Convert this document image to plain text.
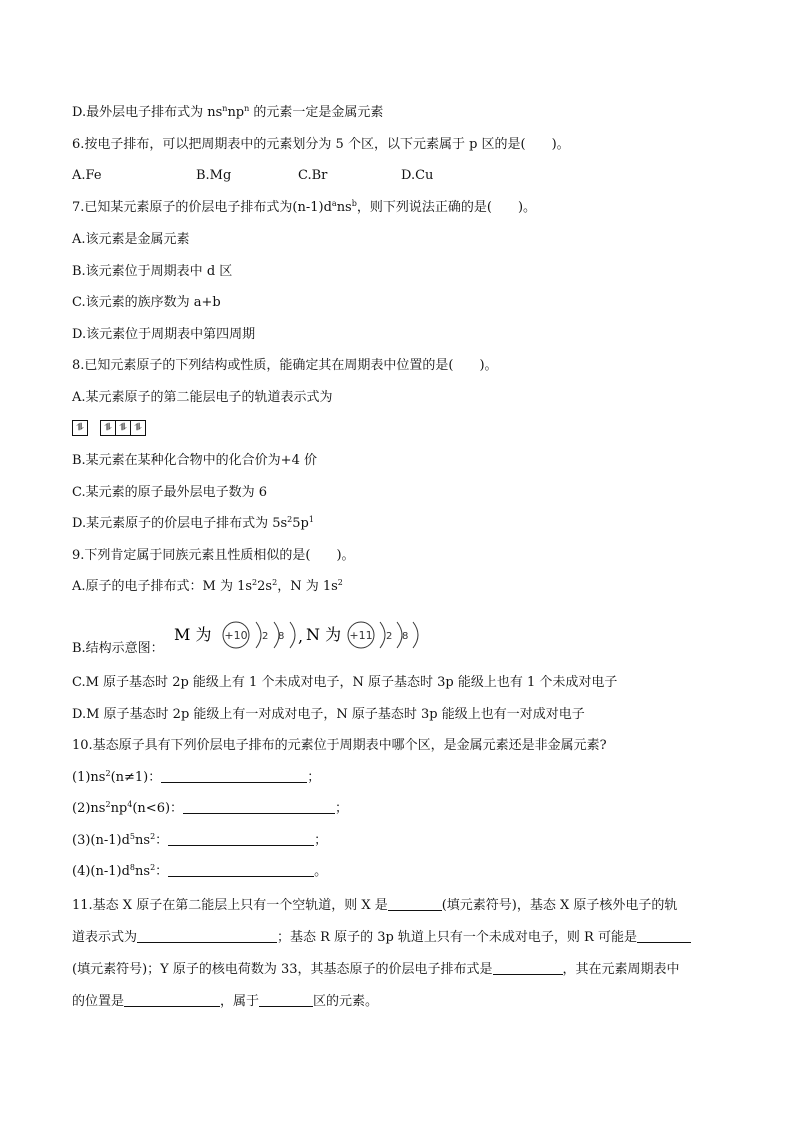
D.最外层电子排布式为 $ns^nnp^n$ 的元素一定是金属元素
6.按电子排布，可以把周期表中的元素划分为 5 个区，以下元素属于 p 区的是( )。
A.Fe	B.Mg	C.Br	D.Cu
7.已知某元素原子的价层电子排布式为$(n-1)d^ans^b$，则下列说法正确的是( )。
A.该元素是金属元素
B.该元素位于周期表中 d 区
C.该元素的族序数为 a+b
D.该元素位于周期表中第四周期
8.已知元素原子的下列结构或性质，能确定其在周期表中位置的是( )。
A.某元素原子的第二能层电子的轨道表示式为
⥮	⥮ ⥮ ⥮
B.某元素在某种化合物中的化合价为+4 价
C.某元素的原子最外层电子数为 6
D.某元素原子的价层电子排布式为 $5s^25p^1$
9.下列肯定属于同族元素且性质相似的是( )。
A.原子的电子排布式：M 为 $1s^22s^2$，N 为 $1s^2$
B.结构示意图：
M 为 +10 2 8 , N 为 +11 2 8
C.M 原子基态时 2p 能级上有 1 个未成对电子，N 原子基态时 3p 能级上也有 1 个未成对电子
D.M 原子基态时 2p 能级上有一对成对电子，N 原子基态时 3p 能级上也有一对成对电子
10.基态原子具有下列价层电子排布的元素位于周期表中哪个区，是金属元素还是非金属元素?
$(1)ns^2(n\ne 1)$：	；
$(2)ns^2np^4(n<6)$：	；
$(3)(n-1)d^5ns^2$：	；
$(4)(n-1)d^8ns^2$：	。
11.基态 X 原子在第二能层上只有一个空轨道，则 X 是	(填元素符号)，基态 X 原子核外电子的轨
道表示式为	；基态 R 原子的 3p 轨道上只有一个未成对电子，则 R 可能是
(填元素符号)；Y 原子的核电荷数为 33，其基态原子的价层电子排布式是	，其在元素周期表中
的位置是	，属于	区的元素。
